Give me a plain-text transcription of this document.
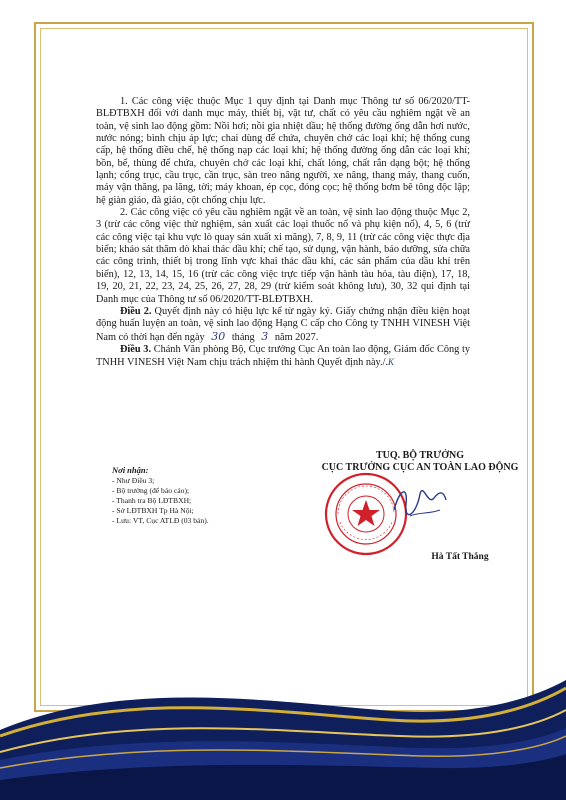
1. Các công việc thuộc Mục 1 quy định tại Danh mục Thông tư số 06/2020/TT- BLĐTBXH đối với danh mục máy, thiết bị, vật tư, chất có yêu cầu nghiêm ngặt về an toàn, vệ sinh lao động gồm: Nồi hơi; nồi gia nhiệt dầu; hệ thống đường ống dẫn hơi nước, nước nóng; bình chịu áp lực; chai dùng để chứa, chuyên chở các loại khí; hệ thống cung cấp, hệ thống điều chế, hệ thống nạp các loại khí; hệ thống đường ống dẫn các loại khí; bồn, bể, thùng để chứa, chuyên chở các loại khí, chất lỏng, chất rắn dạng bột; hệ thống lạnh; cổng trục, cầu trục, cần trục, sàn treo nâng người, xe nâng, thang máy, thang cuốn, máy vận thăng, pa lăng, tời; máy khoan, ép cọc, đóng cọc; hệ thống bơm bê tông độc lập; hệ giàn giáo, đà giáo, cột chống chịu lực.

2. Các công việc có yêu cầu nghiêm ngặt về an toàn, vệ sinh lao động thuộc Mục 2, 3 (trừ các công việc thử nghiệm, sản xuất các loại thuốc nổ và phụ kiện nổ), 4, 5, 6 (trừ các công việc tại khu vực lò quay sản xuất xi măng), 7, 8, 9, 11 (trừ các công việc thực địa biển; khảo sát thăm dò khai thác dầu khí; chế tạo, sử dụng, vận hành, bảo dưỡng, sửa chữa các công trình, thiết bị trong lĩnh vực khai thác dầu khí, các sản phẩm của dầu khí trên biển), 12, 13, 14, 15, 16 (trừ các công việc trực tiếp vận hành tàu hỏa, tàu điện), 17, 18, 19, 20, 21, 22, 23, 24, 25, 26, 27, 28, 29 (trừ kiểm soát không lưu), 30, 32 qui định tại Danh mục của Thông tư số 06/2020/TT-BLĐTBXH.

Điều 2. Quyết định này có hiệu lực kể từ ngày ký. Giấy chứng nhận điều kiện hoạt động huấn luyện an toàn, vệ sinh lao động Hạng C cấp cho Công ty TNHH VINESH Việt Nam có thời hạn đến ngày 30 tháng 3 năm 2027.

Điều 3. Chánh Văn phòng Bộ, Cục trưởng Cục An toàn lao động, Giám đốc Công ty TNHH VINESH Việt Nam chịu trách nhiệm thi hành Quyết định này./.K

Nơi nhận:
- Như Điều 3;
- Bộ trưởng (để báo cáo);
- Thanh tra Bộ LĐTBXH;
- Sở LĐTBXH Tp Hà Nội;
- Lưu: VT, Cục ATLĐ (03 bản).
TUQ. BỘ TRƯỞNG
CỤC TRƯỞNG CỤC AN TOÀN LAO ĐỘNG
Hà Tất Thắng
